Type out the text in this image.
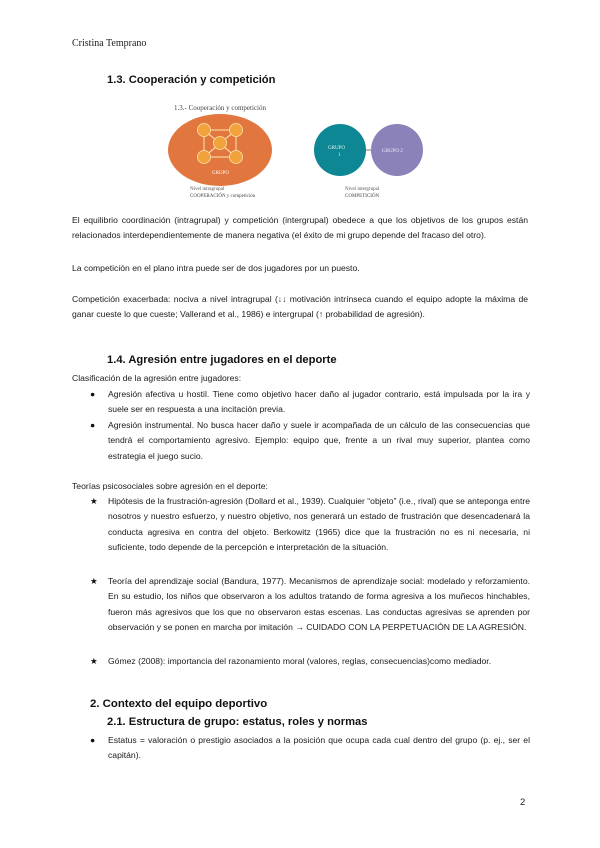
Cristina Temprano
1.3. Cooperación y competición
1.3.- Cooperación y competición
GRUPO
Nivel intragrupal
COOPERACIÓN y competición
GRUPO
1
GRUPO 2
Nivel intergrupal
COMPETICIÓN
El equilibrio coordinación (intragrupal) y competición (intergrupal) obedece a que los objetivos de los grupos están relacionados interdependientemente de manera negativa (el éxito de mi grupo depende del fracaso del otro).
La competición en el plano intra puede ser de dos jugadores por un puesto.
Competición exacerbada: nociva a nivel intragrupal (↓↓ motivación intrínseca cuando el equipo adopte la máxima de ganar cueste lo que cueste; Vallerand et al., 1986) e intergrupal (↑ probabilidad de agresión).
1.4. Agresión entre jugadores en el deporte
Clasificación de la agresión entre jugadores:
●	Agresión afectiva u hostil. Tiene como objetivo hacer daño al jugador contrario, está impulsada por la ira y suele ser en respuesta a una incitación previa.
●	Agresión instrumental. No busca hacer daño y suele ir acompañada de un cálculo de las consecuencias que tendrá el comportamiento agresivo. Ejemplo: equipo que, frente a un rival muy superior, plantea como estrategia el juego sucio.
Teorías psicosociales sobre agresión en el deporte:
★	Hipótesis de la frustración-agresión (Dollard et al., 1939). Cualquier “objeto” (i.e., rival) que se anteponga entre nosotros y nuestro esfuerzo, y nuestro objetivo, nos generará un estado de frustración que desencadenará la conducta agresiva en contra del objeto. Berkowitz (1965) dice que la frustración no es ni necesaria, ni suficiente, todo depende de la percepción e interpretación de la situación.
★	Teoría del aprendizaje social (Bandura, 1977). Mecanismos de aprendizaje social: modelado y reforzamiento. En su estudio, los niños que observaron a los adultos tratando de forma agresiva a los muñecos hinchables, fueron más agresivos que los que no observaron estas escenas. Las conductas agresivas se aprenden por observación y se ponen en marcha por imitación → CUIDADO CON LA PERPETUACIÓN DE LA AGRESIÓN.
★	Gómez (2008): importancia del razonamiento moral (valores, reglas, consecuencias)como mediador.
2. Contexto del equipo deportivo
2.1. Estructura de grupo: estatus, roles y normas
●	Estatus = valoración o prestigio asociados a la posición que ocupa cada cual dentro del grupo (p. ej., ser el capitán).
2
